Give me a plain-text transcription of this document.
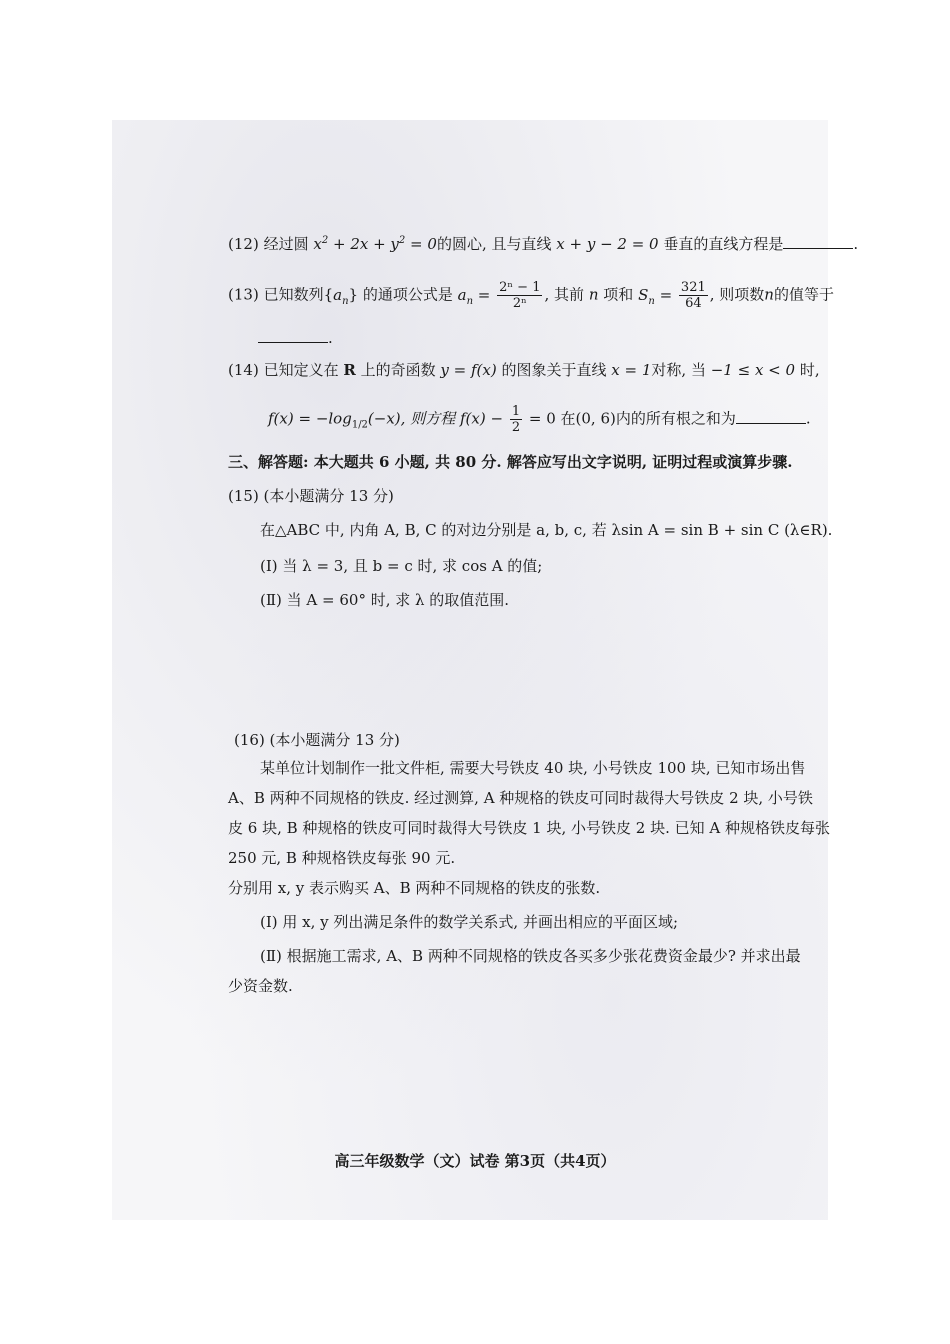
(12) 经过圆 $x^2 + 2x + y^2 = 0$的圆心, 且与直线 x + y − 2 = 0 垂直的直线方程是	.
(13) 已知数列$\{a_n\}$ 的通项公式是 $a_n = \frac{\text{2ⁿ − 1}}{\text{2ⁿ}}$ , 其前 n 项和 $S_n = \frac{321}{64}$ , 则项数n的值等于
.
(14) 已知定义在 R 上的奇函数 y = f(x) 的图象关于直线 x = 1对称, 当 −1 ≤ x < 0 时,
$f(x) = -\log_{1/2}(-x)$, 则方程 $f(x) - \frac{1}{2} = 0$ 在(0, 6)内的所有根之和为	.
三、解答题: 本大题共 6 小题, 共 80 分. 解答应写出文字说明, 证明过程或演算步骤.
(15) (本小题满分 13 分)
在△ABC 中, 内角 A, B, C 的对边分别是 a, b, c, 若 λsin A = sin B + sin C (λ∈R).
(Ⅰ) 当 λ = 3, 且 b = c 时, 求 cos A 的值;
(Ⅱ) 当 A = 60° 时, 求 λ 的取值范围.
(16) (本小题满分 13 分)
某单位计划制作一批文件柜, 需要大号铁皮 40 块, 小号铁皮 100 块, 已知市场出售
A、B 两种不同规格的铁皮. 经过测算, A 种规格的铁皮可同时裁得大号铁皮 2 块, 小号铁
皮 6 块, B 种规格的铁皮可同时裁得大号铁皮 1 块, 小号铁皮 2 块. 已知 A 种规格铁皮每张
250 元, B 种规格铁皮每张 90 元.
分别用 x, y 表示购买 A、B 两种不同规格的铁皮的张数.
(Ⅰ) 用 x, y 列出满足条件的数学关系式, 并画出相应的平面区域;
(Ⅱ) 根据施工需求, A、B 两种不同规格的铁皮各买多少张花费资金最少? 并求出最
少资金数.
高三年级数学（文）试卷 第3页（共4页）
